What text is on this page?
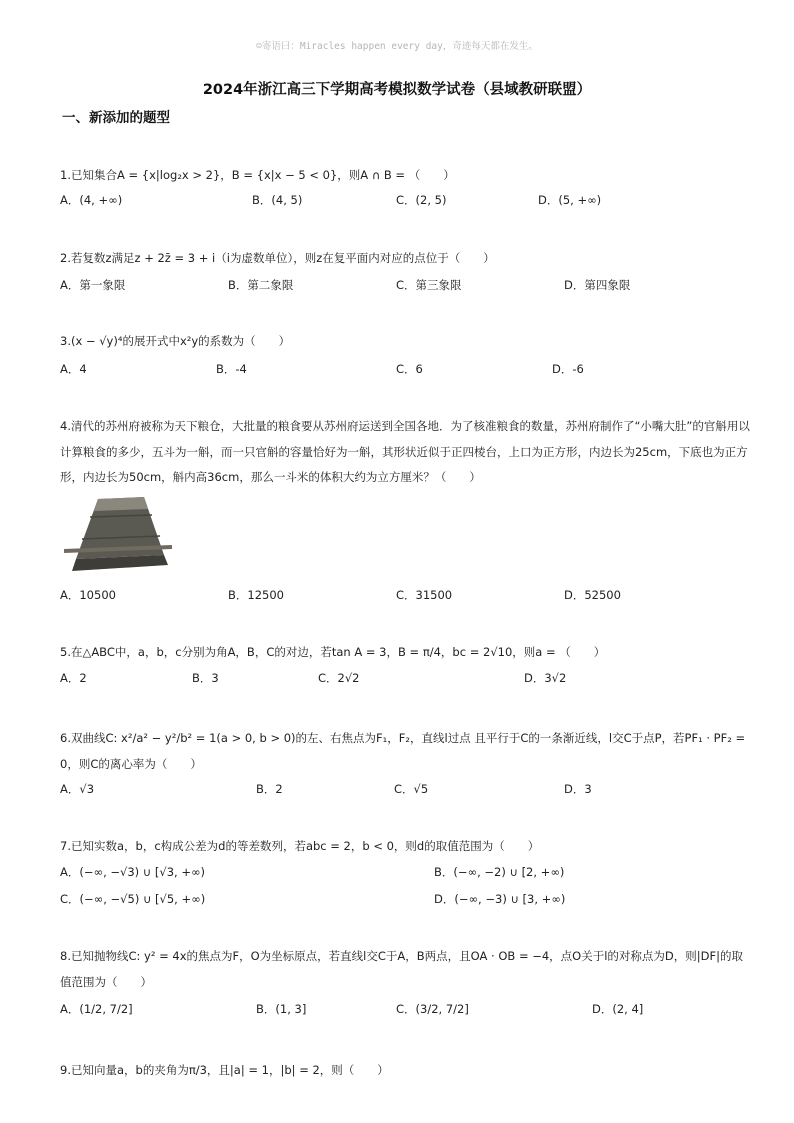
☺寄语曰：Miracles happen every day，奇迹每天都在发生。
2024年浙江高三下学期高考模拟数学试卷（县域教研联盟）
一、新添加的题型
1.已知集合A = {x|log₂x > 2}，B = {x|x − 5 < 0}，则A ∩ B = （　　）
A．(4, +∞)	B．(4, 5)	C．(2, 5)	D．(5, +∞)
2.若复数z满足z + 2z̄ = 3 + i（i为虚数单位），则z在复平面内对应的点位于（　　）
A．第一象限	B．第二象限	C．第三象限	D．第四象限
3.(x − √y)⁴的展开式中x²y的系数为（　　）
A．4	B．-4	C．6	D．-6
4.清代的苏州府被称为天下粮仓，大批量的粮食要从苏州府运送到全国各地．为了核准粮食的数量，苏州府制作了“小嘴大肚”的官斛用以计算粮食的多少，五斗为一斛，而一只官斛的容量恰好为一斛，其形状近似于正四棱台，上口为正方形，内边长为25cm，下底也为正方形，内边长为50cm，斛内高36cm，那么一斗米的体积大约为立方厘米？（　　）
A．10500	B．12500	C．31500	D．52500
5.在△ABC中，a，b，c分别为角A，B，C的对边，若tan A = 3，B = π/4，bc = 2√10，则a = （　　）
A．2	B．3	C．2√2	D．3√2
6.双曲线C: x²/a² − y²/b² = 1(a > 0, b > 0)的左、右焦点为F₁，F₂，直线l过点 且平行于C的一条渐近线，l交C于点P，若PF₁ · PF₂ = 0，则C的离心率为（　　）
A．√3	B．2	C．√5	D．3
7.已知实数a，b，c构成公差为d的等差数列，若abc = 2，b < 0，则d的取值范围为（　　）
A．(−∞, −√3) ∪ [√3, +∞)	B．(−∞, −2) ∪ [2, +∞)
C．(−∞, −√5) ∪ [√5, +∞)	D．(−∞, −3) ∪ [3, +∞)
8.已知抛物线C: y² = 4x的焦点为F，O为坐标原点，若直线l交C于A，B两点，且OA · OB = −4，点O关于l的对称点为D，则|DF|的取值范围为（　　）
A．(1/2, 7/2]	B．(1, 3]	C．(3/2, 7/2]	D．(2, 4]
9.已知向量a，b的夹角为π/3，且|a| = 1，|b| = 2，则（　　）
